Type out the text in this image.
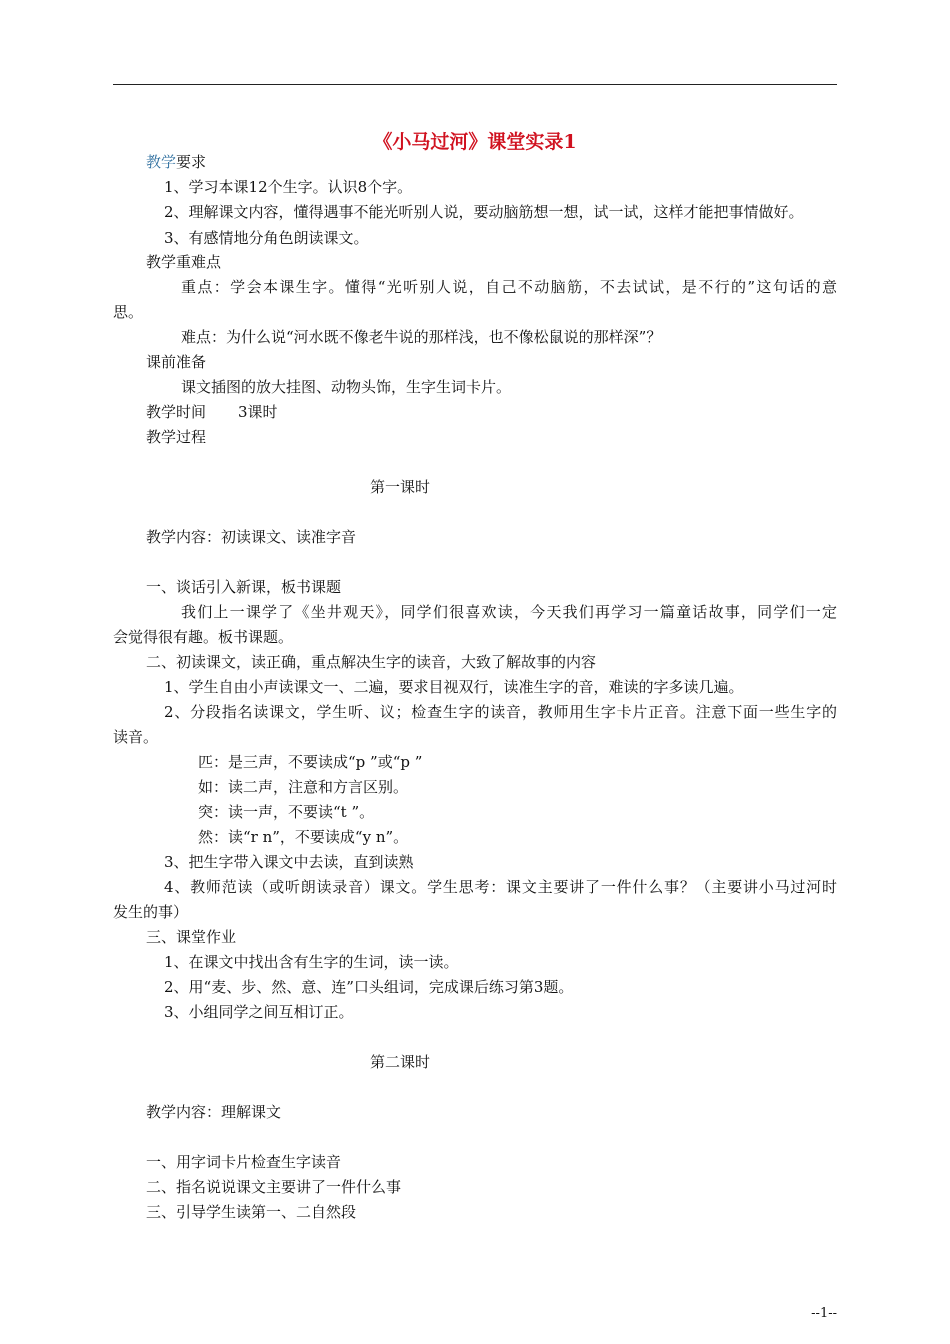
《小马过河》课堂实录1
教学要求
1、学习本课12个生字。认识8个字。
2、理解课文内容，懂得遇事不能光听别人说，要动脑筋想一想，试一试，这样才能把事情做好。
3、有感情地分角色朗读课文。
教学重难点
重点：学会本课生字。懂得“光听别人说，自己不动脑筋，不去试试，是不行的”这句话的意
思。
难点：为什么说“河水既不像老牛说的那样浅，也不像松鼠说的那样深”？
课前准备
课文插图的放大挂图、动物头饰，生字生词卡片。
教学时间 3课时
教学过程
第一课时
教学内容：初读课文、读准字音
一、谈话引入新课，板书课题
我们上一课学了《坐井观天》，同学们很喜欢读，今天我们再学习一篇童话故事，同学们一定
会觉得很有趣。板书课题。
二、初读课文，读正确，重点解决生字的读音，大致了解故事的内容
1、学生自由小声读课文一、二遍，要求目视双行，读准生字的音，难读的字多读几遍。
2、分段指名读课文，学生听、议；检查生字的读音，教师用生字卡片正音。注意下面一些生字的
读音。
匹：是三声，不要读成“p ”或“p ”
如：读二声，注意和方言区别。
突：读一声，不要读“t ”。
然：读“r n”，不要读成“y n”。
3、把生字带入课文中去读，直到读熟
4、教师范读（或听朗读录音）课文。学生思考：课文主要讲了一件什么事？（主要讲小马过河时
发生的事）
三、课堂作业
1、在课文中找出含有生字的生词，读一读。
2、用“麦、步、然、意、连”口头组词，完成课后练习第3题。
3、小组同学之间互相订正。
第二课时
教学内容：理解课文
一、用字词卡片检查生字读音
二、指名说说课文主要讲了一件什么事
三、引导学生读第一、二自然段
--1--
